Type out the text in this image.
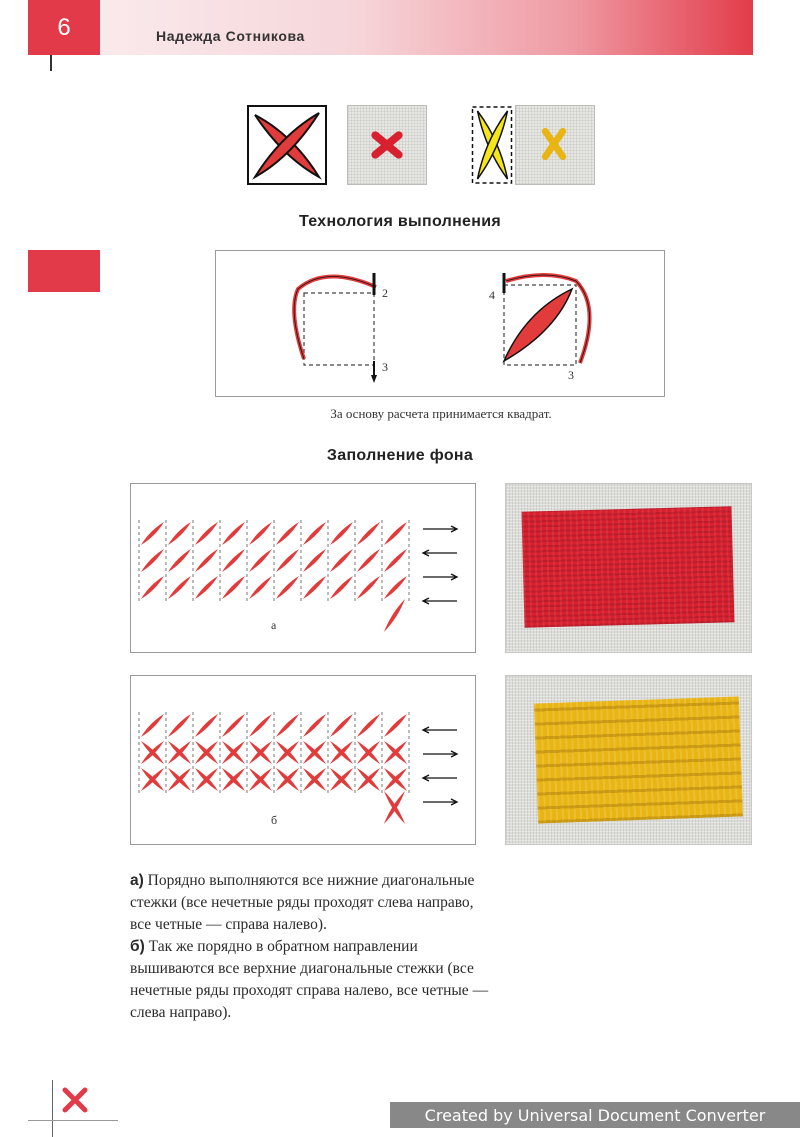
6	Надежда Сотникова
Технология выполнения
2
3
4
3
За основу расчета принимается квадрат.
Заполнение фона
а
б

а) Порядно выполняются все нижние диагональные стежки (все нечетные ряды проходят слева направо, все четные — справа налево).

б) Так же порядно в обратном направлении вышиваются все верхние диагональные стежки (все нечетные ряды проходят справа налево, все четные — слева направо).

Created by Universal Document Converter
